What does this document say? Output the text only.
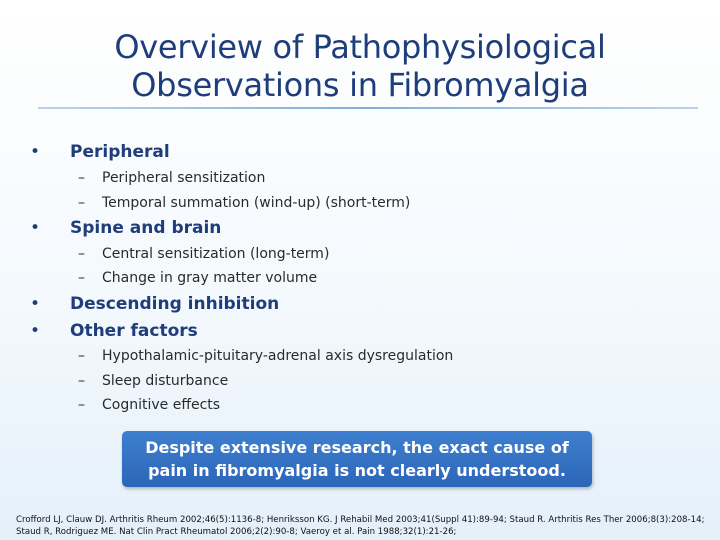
Overview of Pathophysiological
Observations in Fibromyalgia
• Peripheral
– Peripheral sensitization
– Temporal summation (wind-up) (short-term)
• Spine and brain
– Central sensitization (long-term)
– Change in gray matter volume
• Descending inhibition
• Other factors
– Hypothalamic-pituitary-adrenal axis dysregulation
– Sleep disturbance
– Cognitive effects
Despite extensive research, the exact cause of pain in fibromyalgia is not clearly understood.
Crofford LJ, Clauw DJ. Arthritis Rheum 2002;46(5):1136-8; Henriksson KG. J Rehabil Med 2003;41(Suppl 41):89-94; Staud R. Arthritis Res Ther 2006;8(3):208-14;
Staud R, Rodriguez ME. Nat Clin Pract Rheumatol 2006;2(2):90-8; Vaeroy et al. Pain 1988;32(1):21-26;
